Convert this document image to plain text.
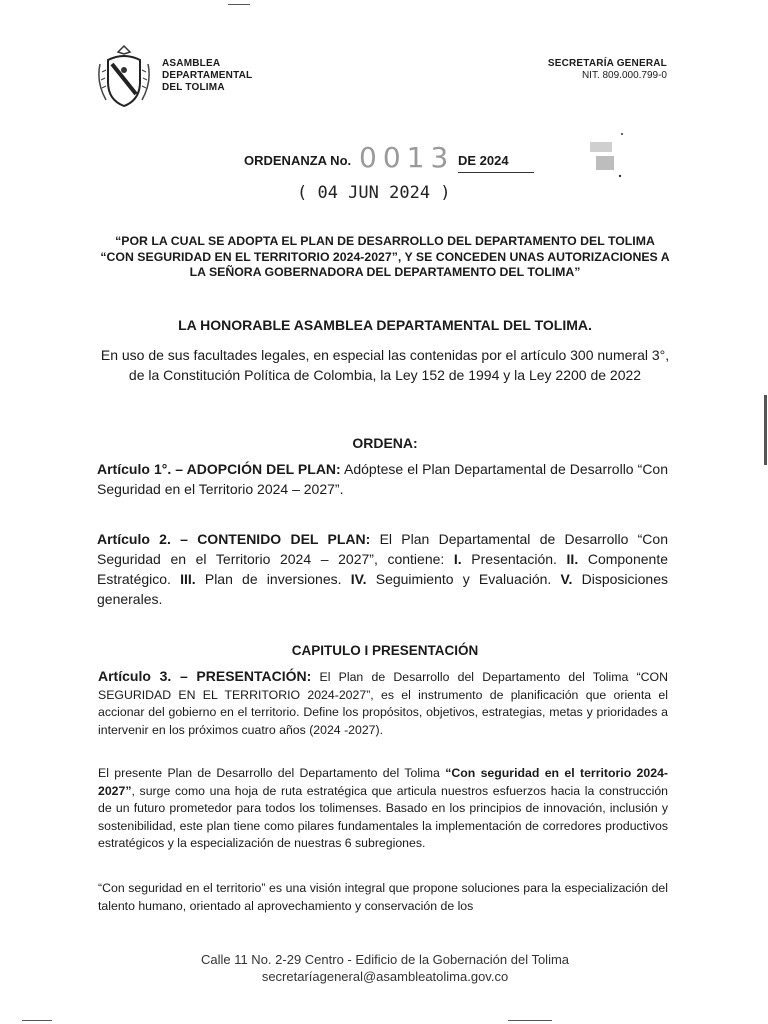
ASAMBLEA
DEPARTAMENTAL
DEL TOLIMA
SECRETARÍA GENERAL
NIT. 809.000.799-0
ORDENANZA No. 0013 DE 2024
( 04 JUN 2024 )
“POR LA CUAL SE ADOPTA EL PLAN DE DESARROLLO DEL DEPARTAMENTO DEL TOLIMA “CON SEGURIDAD EN EL TERRITORIO 2024-2027”, Y SE CONCEDEN UNAS AUTORIZACIONES A LA SEÑORA GOBERNADORA DEL DEPARTAMENTO DEL TOLIMA”
LA HONORABLE ASAMBLEA DEPARTAMENTAL DEL TOLIMA.
En uso de sus facultades legales, en especial las contenidas por el artículo 300 numeral 3°, de la Constitución Política de Colombia, la Ley 152 de 1994 y la Ley 2200 de 2022
ORDENA:
Artículo 1°. – ADOPCIÓN DEL PLAN: Adóptese el Plan Departamental de Desarrollo “Con Seguridad en el Territorio 2024 – 2027”.
Artículo 2. – CONTENIDO DEL PLAN: El Plan Departamental de Desarrollo “Con Seguridad en el Territorio 2024 – 2027”, contiene: I. Presentación. II. Componente Estratégico. III. Plan de inversiones. IV. Seguimiento y Evaluación. V. Disposiciones generales.
CAPITULO I PRESENTACIÓN
Artículo 3. – PRESENTACIÓN: El Plan de Desarrollo del Departamento del Tolima “CON SEGURIDAD EN EL TERRITORIO 2024-2027”, es el instrumento de planificación que orienta el accionar del gobierno en el territorio. Define los propósitos, objetivos, estrategias, metas y prioridades a intervenir en los próximos cuatro años (2024 -2027).
El presente Plan de Desarrollo del Departamento del Tolima “Con seguridad en el territorio 2024-2027”, surge como una hoja de ruta estratégica que articula nuestros esfuerzos hacia la construcción de un futuro prometedor para todos los tolimenses. Basado en los principios de innovación, inclusión y sostenibilidad, este plan tiene como pilares fundamentales la implementación de corredores productivos estratégicos y la especialización de nuestras 6 subregiones.
“Con seguridad en el territorio” es una visión integral que propone soluciones para la especialización del talento humano, orientado al aprovechamiento y conservación de los
Calle 11 No. 2-29 Centro - Edificio de la Gobernación del Tolima
secretaríageneral@asambleatolima.gov.co
